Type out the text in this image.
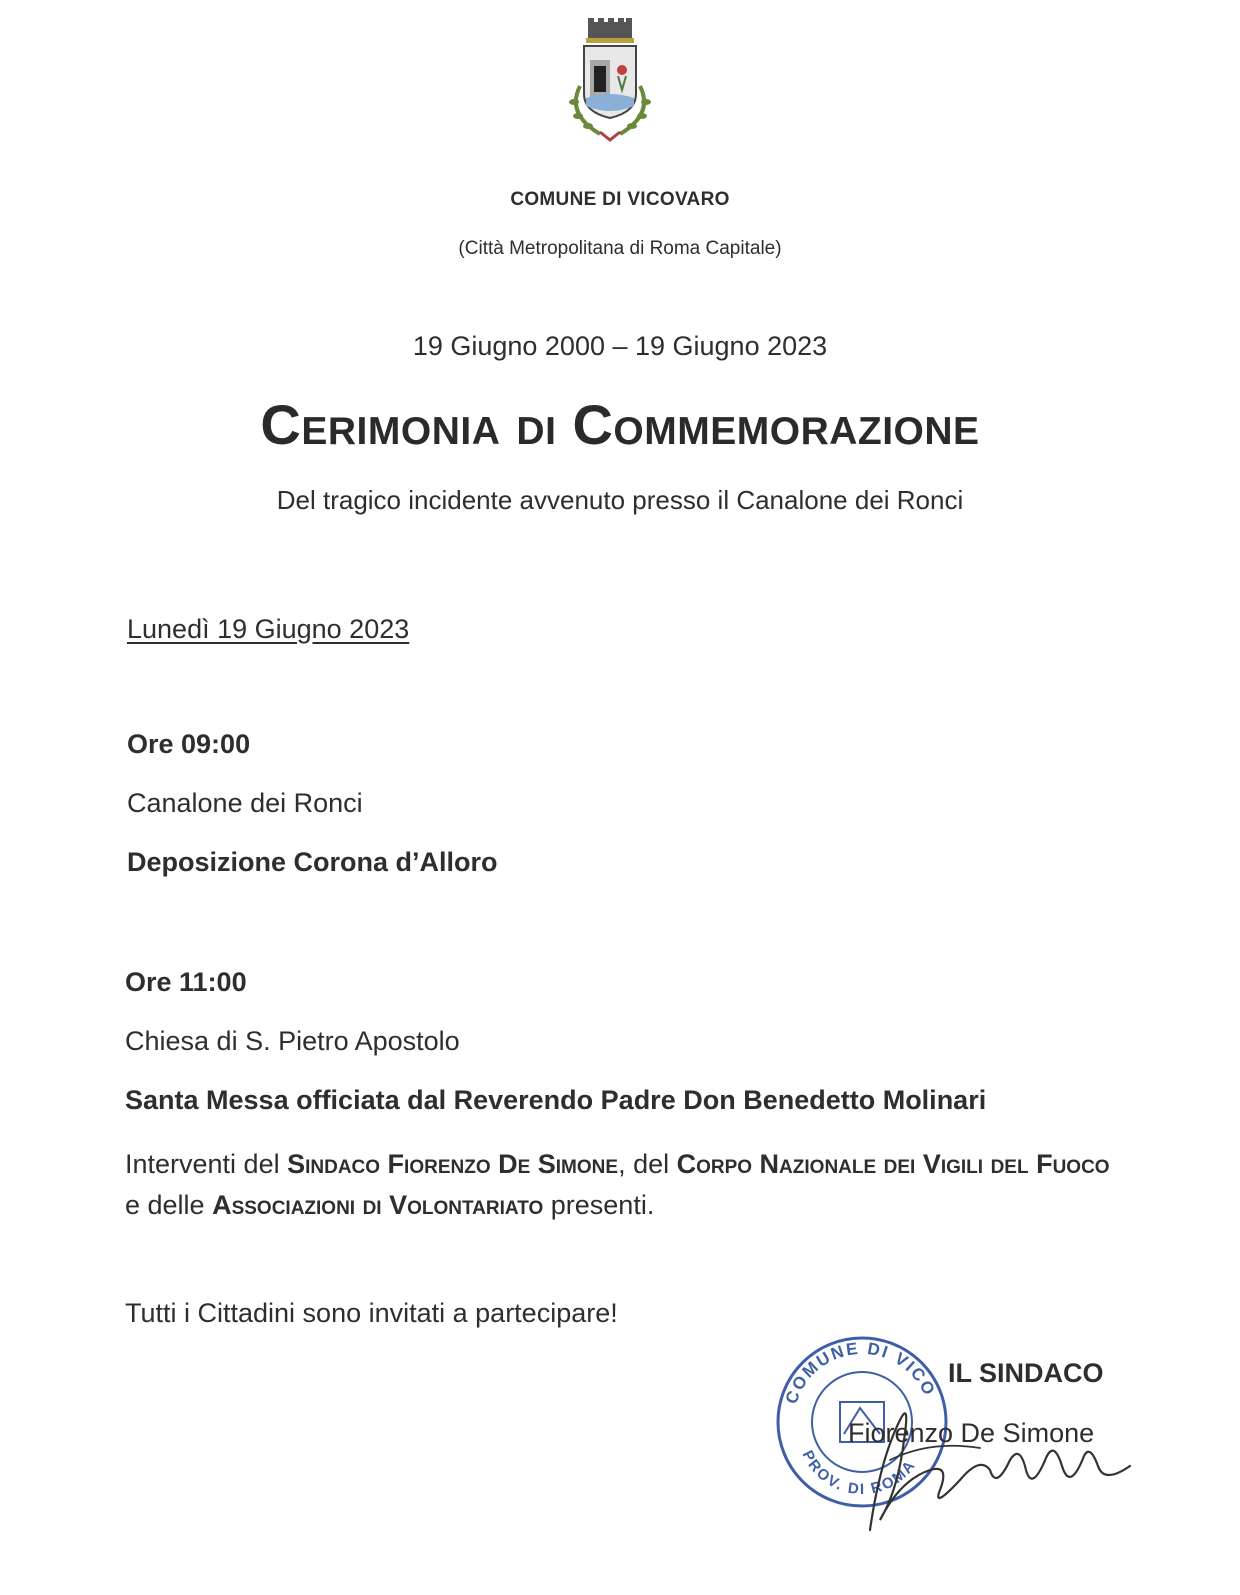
COMUNE DI VICOVARO
(Città Metropolitana di Roma Capitale)
19 Giugno 2000 – 19 Giugno 2023
Cerimonia di Commemorazione
Del tragico incidente avvenuto presso il Canalone dei Ronci
Lunedì 19 Giugno 2023
Ore 09:00
Canalone dei Ronci
Deposizione Corona d’Alloro
Ore 11:00
Chiesa di S. Pietro Apostolo
Santa Messa officiata dal Reverendo Padre Don Benedetto Molinari
Interventi del Sindaco Fiorenzo De Simone, del Corpo Nazionale dei Vigili del Fuoco e delle Associazioni di Volontariato presenti.
Tutti i Cittadini sono invitati a partecipare!
COMUNE DI VICO
PROV. DI ROMA
IL SINDACO
Fiorenzo De Simone
